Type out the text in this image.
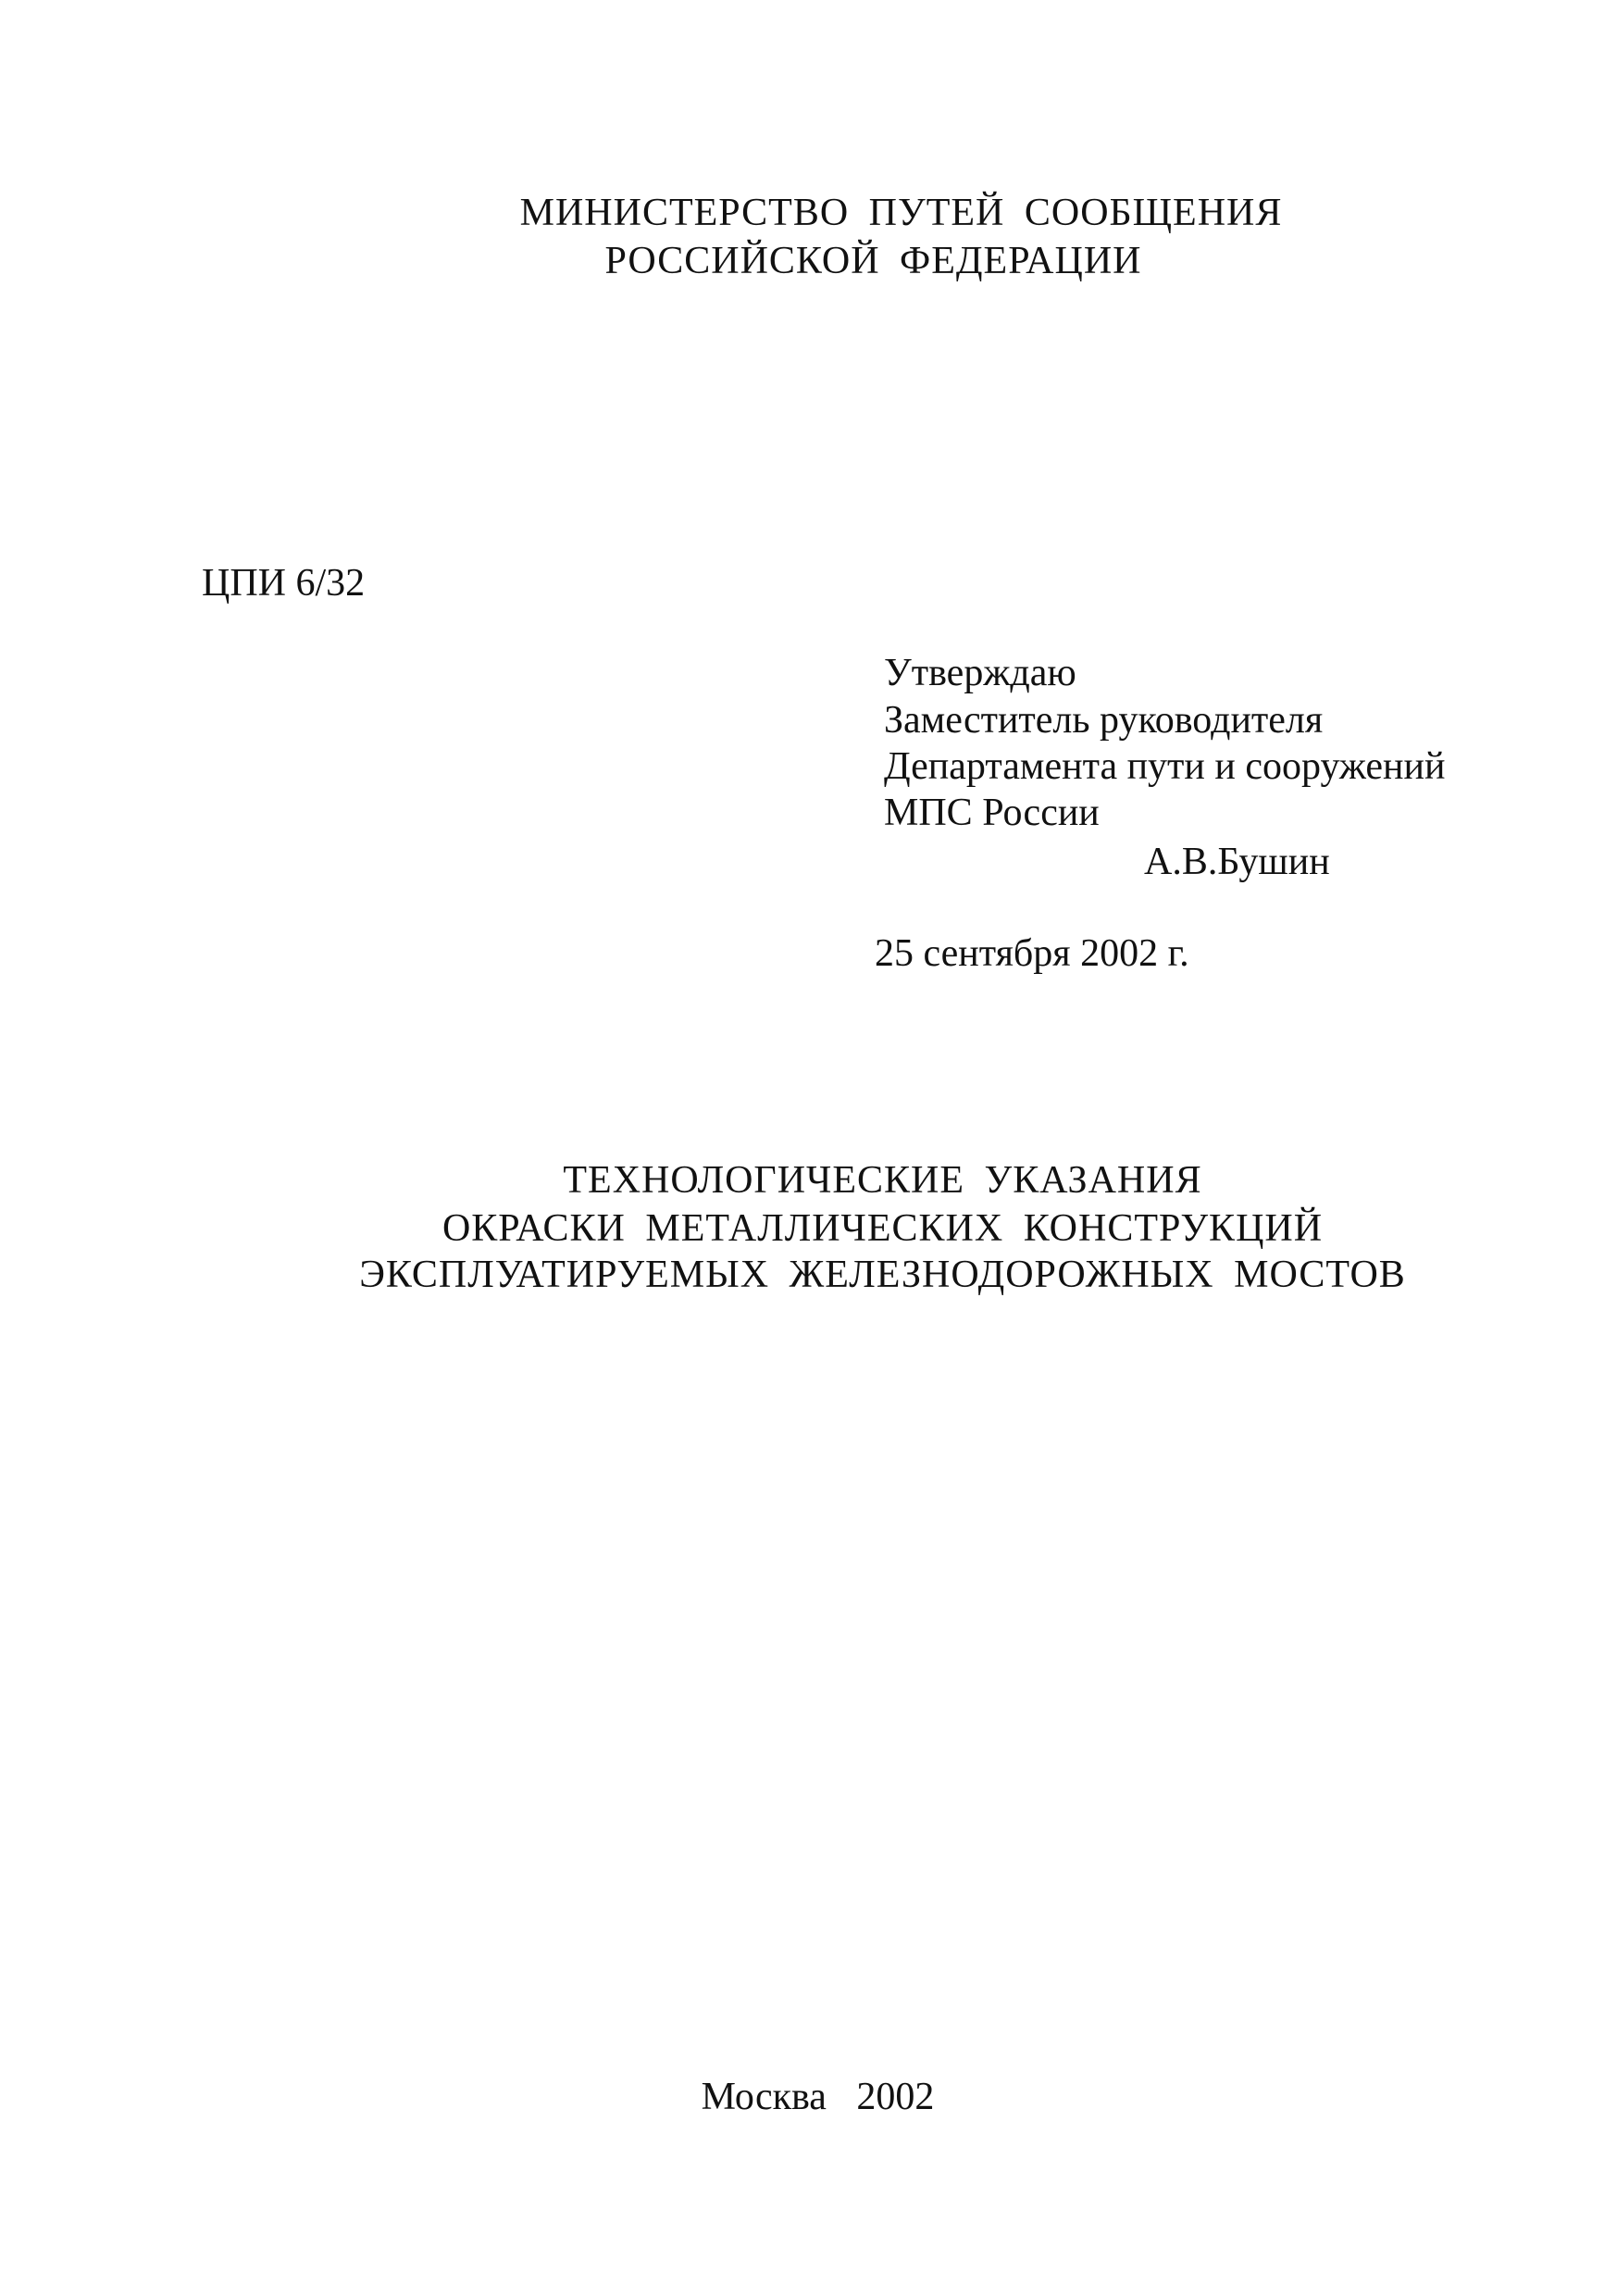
МИНИСТЕРСТВО ПУТЕЙ СООБЩЕНИЯ
РОССИЙСКОЙ ФЕДЕРАЦИИ
ЦПИ 6/32
Утверждаю
Заместитель руководителя
Департамента пути и сооружений
МПС России
А.В.Бушин
25 сентября 2002 г.
ТЕХНОЛОГИЧЕСКИЕ УКАЗАНИЯ
ОКРАСКИ МЕТАЛЛИЧЕСКИХ КОНСТРУКЦИЙ
ЭКСПЛУАТИРУЕМЫХ ЖЕЛЕЗНОДОРОЖНЫХ МОСТОВ
Москва 2002
